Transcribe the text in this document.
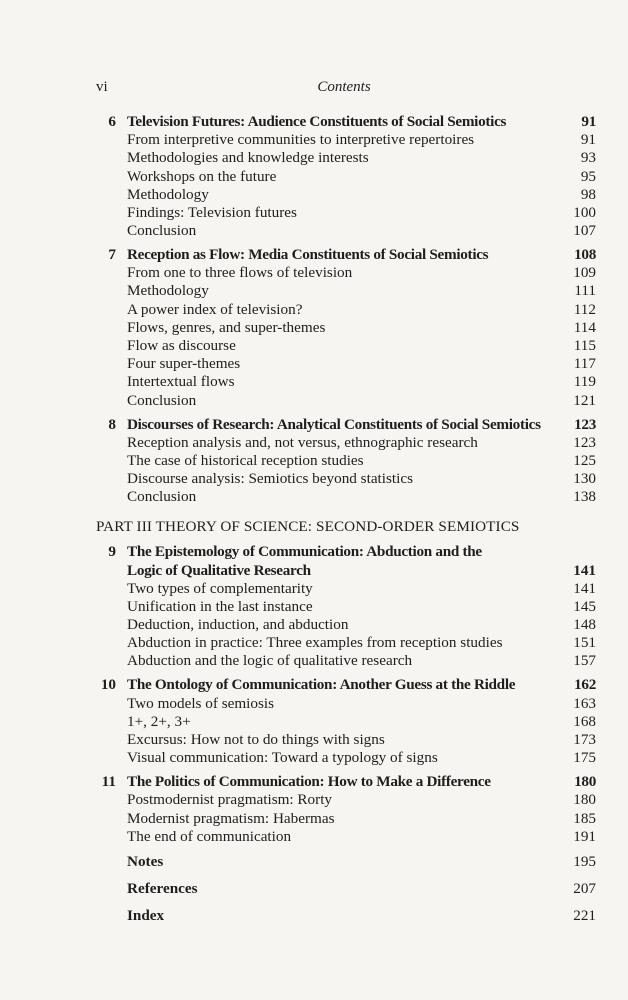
vi	Contents
6 Television Futures: Audience Constituents of Social Semiotics	91
From interpretive communities to interpretive repertoires	91
Methodologies and knowledge interests	93
Workshops on the future	95
Methodology	98
Findings: Television futures	100
Conclusion	107
7 Reception as Flow: Media Constituents of Social Semiotics	108
From one to three flows of television	109
Methodology	111
A power index of television?	112
Flows, genres, and super-themes	114
Flow as discourse	115
Four super-themes	117
Intertextual flows	119
Conclusion	121
8 Discourses of Research: Analytical Constituents of Social Semiotics 123
Reception analysis and, not versus, ethnographic research	123
The case of historical reception studies	125
Discourse analysis: Semiotics beyond statistics	130
Conclusion	138
PART III THEORY OF SCIENCE: SECOND-ORDER SEMIOTICS
9 The Epistemology of Communication: Abduction and the
Logic of Qualitative Research	141
Two types of complementarity	141
Unification in the last instance	145
Deduction, induction, and abduction	148
Abduction in practice: Three examples from reception studies	151
Abduction and the logic of qualitative research	157
10 The Ontology of Communication: Another Guess at the Riddle	162
Two models of semiosis	163
1+, 2+, 3+	168
Excursus: How not to do things with signs	173
Visual communication: Toward a typology of signs	175
11 The Politics of Communication: How to Make a Difference	180
Postmodernist pragmatism: Rorty	180
Modernist pragmatism: Habermas	185
The end of communication	191
Notes	195
References	207
Index	221
